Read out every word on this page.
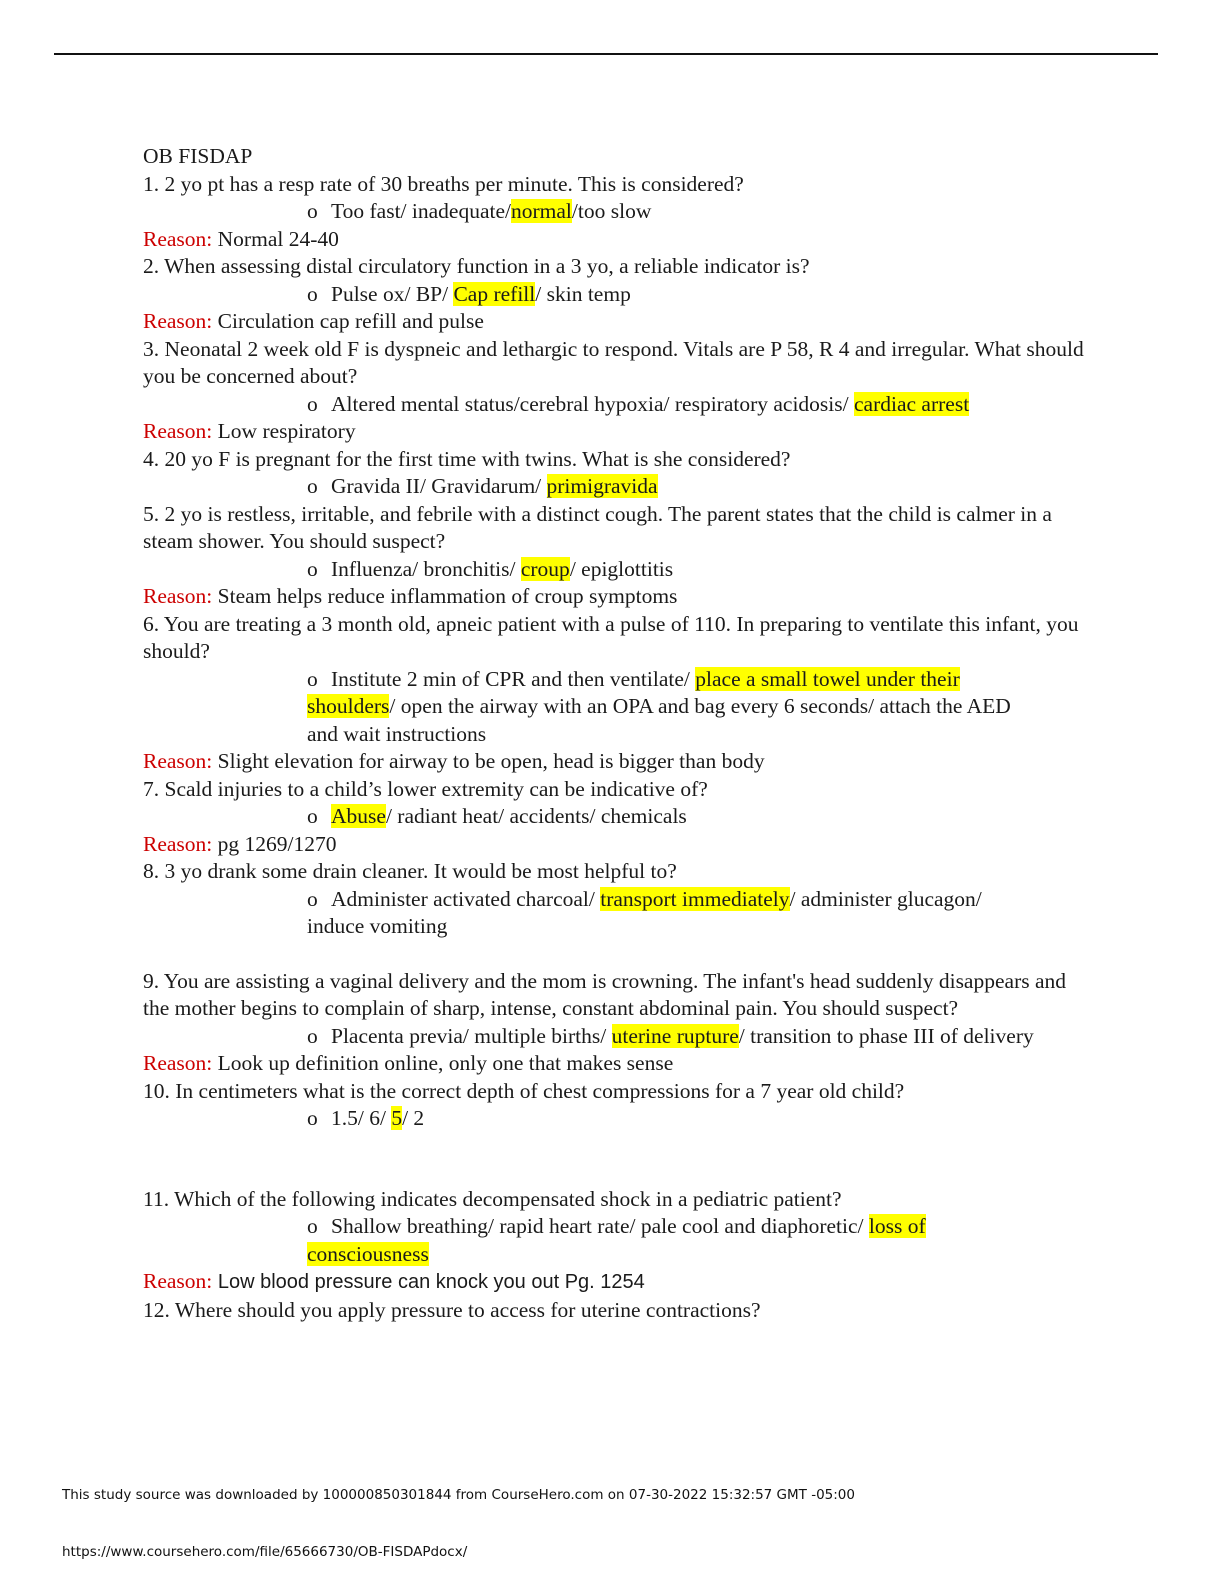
OB FISDAP
1. 2 yo pt has a resp rate of 30 breaths per minute. This is considered?
o Too fast/ inadequate/normal/too slow
Reason: Normal 24-40
2. When assessing distal circulatory function in a 3 yo, a reliable indicator is?
o Pulse ox/ BP/ Cap refill/ skin temp
Reason: Circulation cap refill and pulse
3. Neonatal 2 week old F is dyspneic and lethargic to respond. Vitals are P 58, R 4 and irregular. What should you be concerned about?
o Altered mental status/cerebral hypoxia/ respiratory acidosis/ cardiac arrest
Reason: Low respiratory
4. 20 yo F is pregnant for the first time with twins. What is she considered?
o Gravida II/ Gravidarum/ primigravida
5. 2 yo is restless, irritable, and febrile with a distinct cough. The parent states that the child is calmer in a steam shower. You should suspect?
o Influenza/ bronchitis/ croup/ epiglottitis
Reason: Steam helps reduce inflammation of croup symptoms
6. You are treating a 3 month old, apneic patient with a pulse of 110. In preparing to ventilate this infant, you should?
o Institute 2 min of CPR and then ventilate/ place a small towel under their shoulders/ open the airway with an OPA and bag every 6 seconds/ attach the AED and wait instructions
Reason: Slight elevation for airway to be open, head is bigger than body
7. Scald injuries to a child’s lower extremity can be indicative of?
o Abuse/ radiant heat/ accidents/ chemicals
Reason: pg 1269/1270
8. 3 yo drank some drain cleaner. It would be most helpful to?
o Administer activated charcoal/ transport immediately/ administer glucagon/ induce vomiting
9. You are assisting a vaginal delivery and the mom is crowning. The infant's head suddenly disappears and the mother begins to complain of sharp, intense, constant abdominal pain. You should suspect?
o Placenta previa/ multiple births/ uterine rupture/ transition to phase III of delivery
Reason: Look up definition online, only one that makes sense
10. In centimeters what is the correct depth of chest compressions for a 7 year old child?
o 1.5/ 6/ 5/ 2
11. Which of the following indicates decompensated shock in a pediatric patient?
o Shallow breathing/ rapid heart rate/ pale cool and diaphoretic/ loss of consciousness
Reason: Low blood pressure can knock you out Pg. 1254
12. Where should you apply pressure to access for uterine contractions?
This study source was downloaded by 100000850301844 from CourseHero.com on 07-30-2022 15:32:57 GMT -05:00
https://www.coursehero.com/file/65666730/OB-FISDAPdocx/
